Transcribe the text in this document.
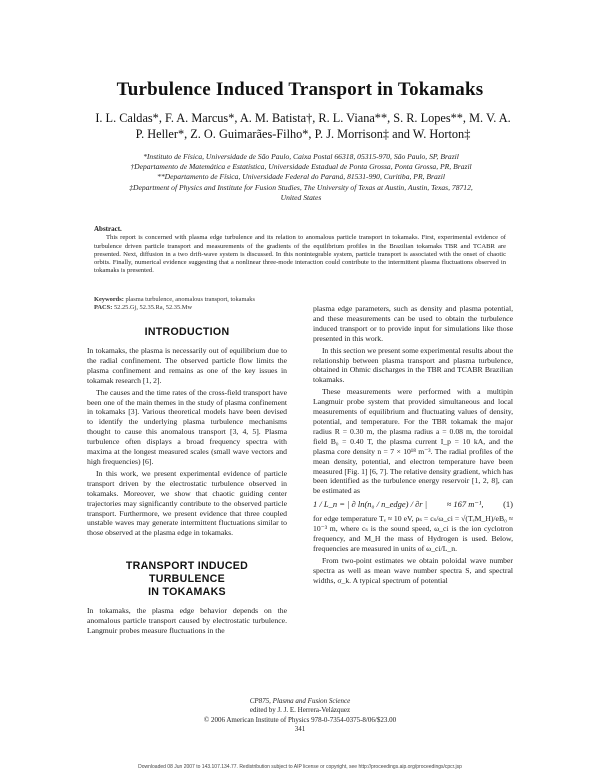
Turbulence Induced Transport in Tokamaks
I. L. Caldas*, F. A. Marcus*, A. M. Batista†, R. L. Viana**, S. R. Lopes**, M. V. A.
P. Heller*, Z. O. Guimarães-Filho*, P. J. Morrison‡ and W. Horton‡
*Instituto de Física, Universidade de São Paulo, Caixa Postal 66318, 05315-970, São Paulo, SP, Brazil
†Departamento de Matemática e Estatística, Universidade Estadual de Ponta Grossa, Ponta Grossa, PR, Brazil
**Departamento de Física, Universidade Federal do Paraná, 81531-990, Curitiba, PR, Brazil
‡Department of Physics and Institute for Fusion Studies, The University of Texas at Austin, Austin, Texas, 78712,
United States
Abstract.

This report is concerned with plasma edge turbulence and its relation to anomalous particle transport in tokamaks. First, experimental evidence of turbulence driven particle transport and measurements of the gradients of the equilibrium profiles in the Brazilian tokamaks TBR and TCABR are presented. Next, diffusion in a two drift-wave system is discussed. In this nonintegrable system, particle transport is associated with the onset of chaotic orbits. Finally, numerical evidence suggesting that a nonlinear three-mode interaction could contribute to the intermittent plasma fluctuations observed in tokamaks is presented.

Keywords: plasma turbulence, anomalous transport, tokamaks
PACS: 52.25.Gj, 52.35.Ra, 52.35.Mw
INTRODUCTION

In tokamaks, the plasma is necessarily out of equilibrium due to the radial confinement. The observed particle flow limits the plasma confinement and remains as one of the key issues in tokamak research [1, 2].

The causes and the time rates of the cross-field transport have been one of the main themes in the study of plasma confinement in tokamaks [3]. Various theoretical models have been devised to identify the underlying plasma turbulence mechanisms thought to cause this anomalous transport [3, 4, 5]. Plasma turbulence often displays a broad frequency spectra with maxima at the longest measured scales (small wave vectors and high frequencies) [6].

In this work, we present experimental evidence of particle transport driven by the electrostatic turbulence observed in tokamaks. Moreover, we show that chaotic guiding center trajectories may significantly contribute to the observed particle transport. Furthermore, we present evidence that three coupled unstable waves may generate intermittent fluctuations similar to those observed at the plasma edge in tokamaks.

TRANSPORT INDUCED TURBULENCE
IN TOKAMAKS

In tokamaks, the plasma edge behavior depends on the anomalous particle transport caused by electrostatic turbulence. Langmuir probes measure fluctuations in the

plasma edge parameters, such as density and plasma potential, and these measurements can be used to obtain the turbulence induced transport or to provide input for simulations like those presented in this work.

In this section we present some experimental results about the relationship between plasma transport and plasma turbulence, obtained in Ohmic discharges in the TBR and TCABR Brazilian tokamaks.

These measurements were performed with a multipin Langmuir probe system that provided simultaneous and local measurements of equilibrium and fluctuating values of density, potential, and temperature. For the TBR tokamak the major radius R = 0.30 m, the plasma radius a = 0.08 m, the toroidal field B₀ = 0.40 T, the plasma current I_p = 10 kA, and the plasma core density n = 7 × 10¹⁸ m⁻³. The radial profiles of the mean density, potential, and electron temperature have been measured [Fig. 1] [6, 7]. The relative density gradient, which has been identified as the turbulence energy reservoir [1, 2, 8], can be estimated as

1 / L_n = | ∂ ln(n₀ / n_edge) / ∂r | ≈ 167 m⁻¹, (1)

for edge temperature Tₑ ≈ 10 eV, ρₛ = cₛ/ω_ci = √(TₑM_H)/eB₀ ≈ 10⁻³ m, where cₛ is the sound speed, ω_ci is the ion cyclotron frequency, and M_H the mass of Hydrogen is used. Below, frequencies are measured in units of ω_ci/L_n.

From two-point estimates we obtain poloidal wave number spectra as well as mean wave number spectra S, and spectral widths, σ_k. A typical spectrum of potential

CP875, Plasma and Fusion Science
edited by J. J. E. Herrera-Velázquez
© 2006 American Institute of Physics 978-0-7354-0375-8/06/$23.00
341
Downloaded 08 Jun 2007 to 143.107.134.77. Redistribution subject to AIP license or copyright, see http://proceedings.aip.org/proceedings/cpcr.jsp
